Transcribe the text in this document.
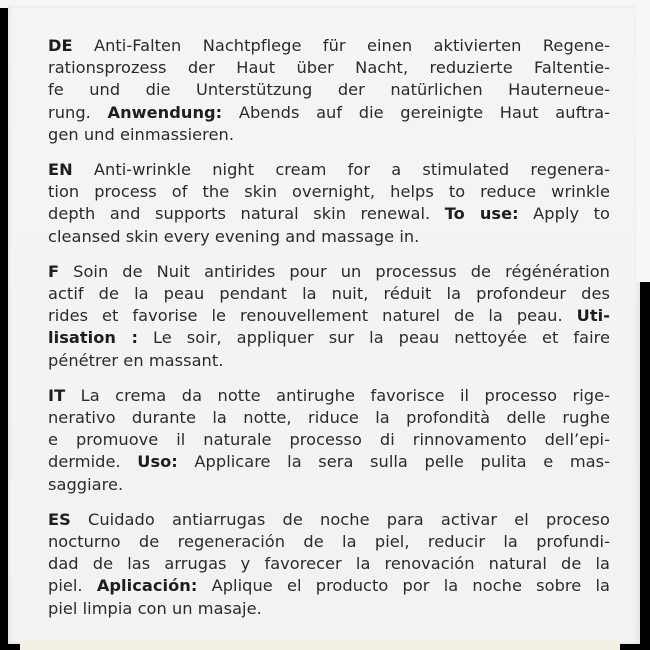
DE Anti-Falten Nachtpflege für einen aktivierten Regene-
rationsprozess der Haut über Nacht, reduzierte Faltentie-
fe und die Unterstützung der natürlichen Hauterneue-
rung. Anwendung: Abends auf die gereinigte Haut auftra-
gen und einmassieren.

EN Anti-wrinkle night cream for a stimulated regenera-
tion process of the skin overnight, helps to reduce wrinkle
depth and supports natural skin renewal. To use: Apply to
cleansed skin every evening and massage in.

F Soin de Nuit antirides pour un processus de régénération
actif de la peau pendant la nuit, réduit la profondeur des
rides et favorise le renouvellement naturel de la peau. Uti-
lisation : Le soir, appliquer sur la peau nettoyée et faire
pénétrer en massant.

IT La crema da notte antirughe favorisce il processo rige-
nerativo durante la notte, riduce la profondità delle rughe
e promuove il naturale processo di rinnovamento dell’epi-
dermide. Uso: Applicare la sera sulla pelle pulita e mas-
saggiare.

ES Cuidado antiarrugas de noche para activar el proceso
nocturno de regeneración de la piel, reducir la profundi-
dad de las arrugas y favorecer la renovación natural de la
piel. Aplicación: Aplique el producto por la noche sobre la
piel limpia con un masaje.
